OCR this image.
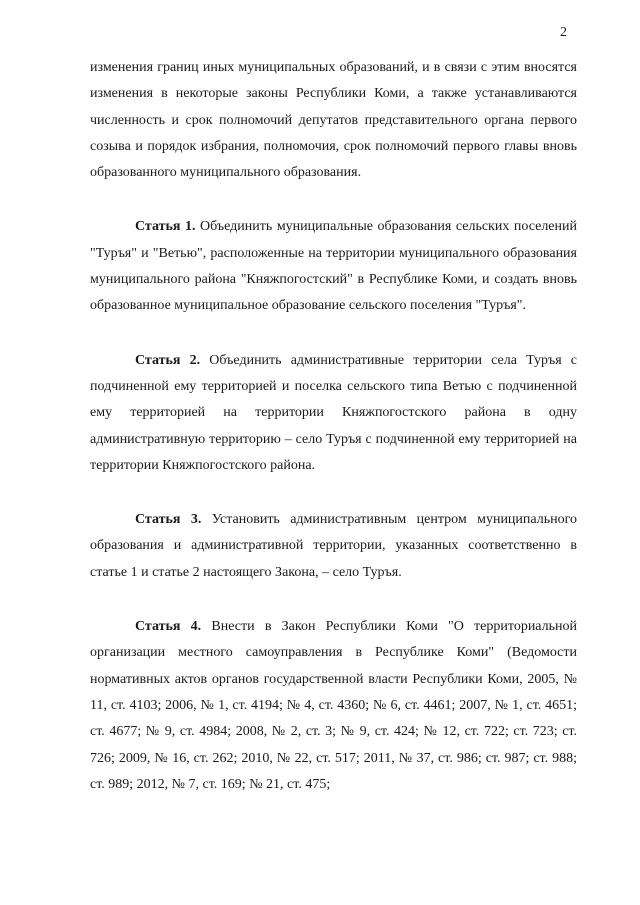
2

изменения границ иных муниципальных образований, и в связи с этим вносятся изменения в некоторые законы Республики Коми, а также устанавливаются численность и срок полномочий депутатов представительного органа первого созыва и порядок избрания, полномочия, срок полномочий первого главы вновь образованного муниципального образования.

Статья 1. Объединить муниципальные образования сельских поселений "Туръя" и "Ветью", расположенные на территории муниципального образования муниципального района "Княжпогостский" в Республике Коми, и создать вновь образованное муниципальное образование сельского поселения "Туръя".

Статья 2. Объединить административные территории села Туръя с подчиненной ему территорией и поселка сельского типа Ветью с подчиненной ему территорией на территории Княжпогостского района в одну административную территорию – село Туръя с подчиненной ему территорией на территории Княжпогостского района.

Статья 3. Установить административным центром муниципального образования и административной территории, указанных соответственно в статье 1 и статье 2 настоящего Закона, – село Туръя.

Статья 4. Внести в Закон Республики Коми "О территориальной организации местного самоуправления в Республике Коми" (Ведомости нормативных актов органов государственной власти Республики Коми, 2005, № 11, ст. 4103; 2006, № 1, ст. 4194; № 4, ст. 4360; № 6, ст. 4461; 2007, № 1, ст. 4651; ст. 4677; № 9, ст. 4984; 2008, № 2, ст. 3; № 9, ст. 424; № 12, ст. 722; ст. 723; ст. 726; 2009, № 16, ст. 262; 2010, № 22, ст. 517; 2011, № 37, ст. 986; ст. 987; ст. 988; ст. 989; 2012, № 7, ст. 169; № 21, ст. 475;
